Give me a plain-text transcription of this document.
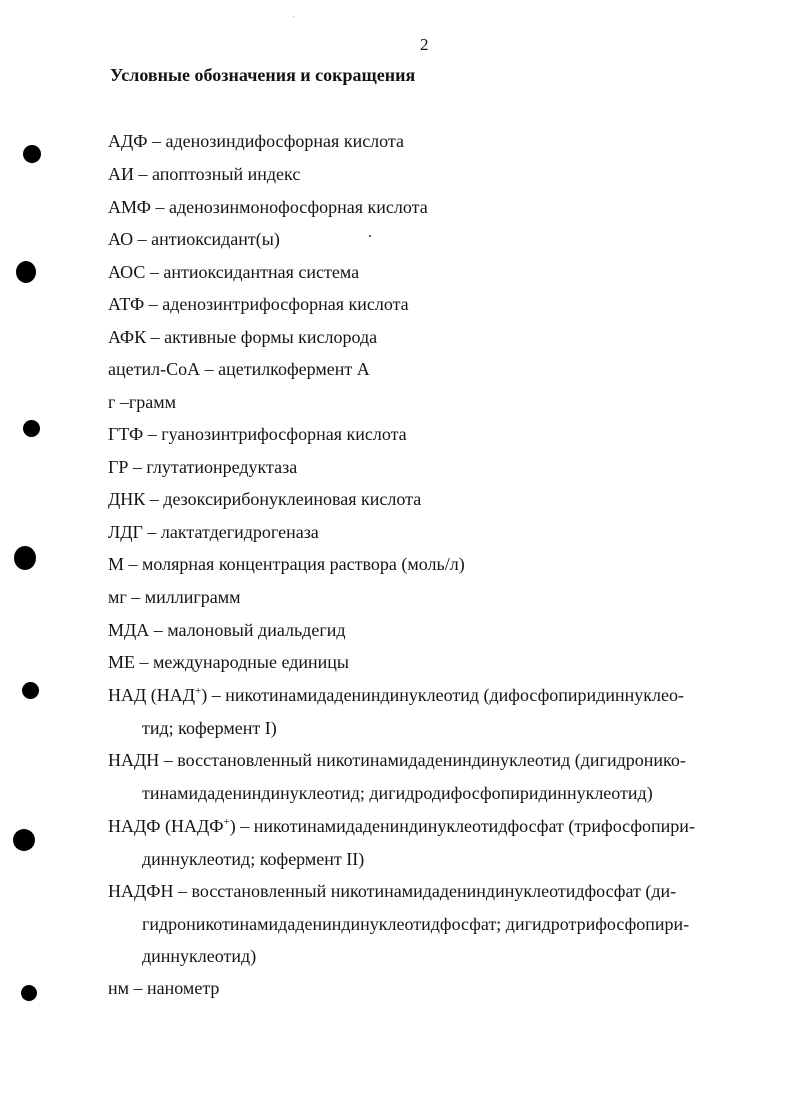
2
Условные обозначения и сокращения
АДФ – аденозиндифосфорная кислота
АИ – апоптозный индекс
АМФ – аденозинмонофосфорная кислота
АО – антиоксидант(ы)
АОС – антиоксидантная система
АТФ – аденозинтрифосфорная кислота
АФК – активные формы кислорода
ацетил-СоА – ацетилкофермент А
г –грамм
ГТФ – гуанозинтрифосфорная кислота
ГР – глутатионредуктаза
ДНК – дезоксирибонуклеиновая кислота
ЛДГ – лактатдегидрогеназа
М – молярная концентрация раствора (моль/л)
мг – миллиграмм
МДА – малоновый диальдегид
МЕ – международные единицы
НАД (НАД+) – никотинамидадениндинуклеотид (дифосфопиридиннуклео-
тид; кофермент I)
НАДН – восстановленный никотинамидадениндинуклеотид (дигидронико-
тинамидадениндинуклеотид; дигидродифосфопиридиннуклеотид)
НАДФ (НАДФ+) – никотинамидадениндинуклеотидфосфат (трифосфопири-
диннуклеотид; кофермент II)
НАДФН – восстановленный никотинамидадениндинуклеотидфосфат (ди-
гидроникотинамидадениндинуклеотидфосфат; дигидротрифосфопири-
диннуклеотид)
нм – нанометр
